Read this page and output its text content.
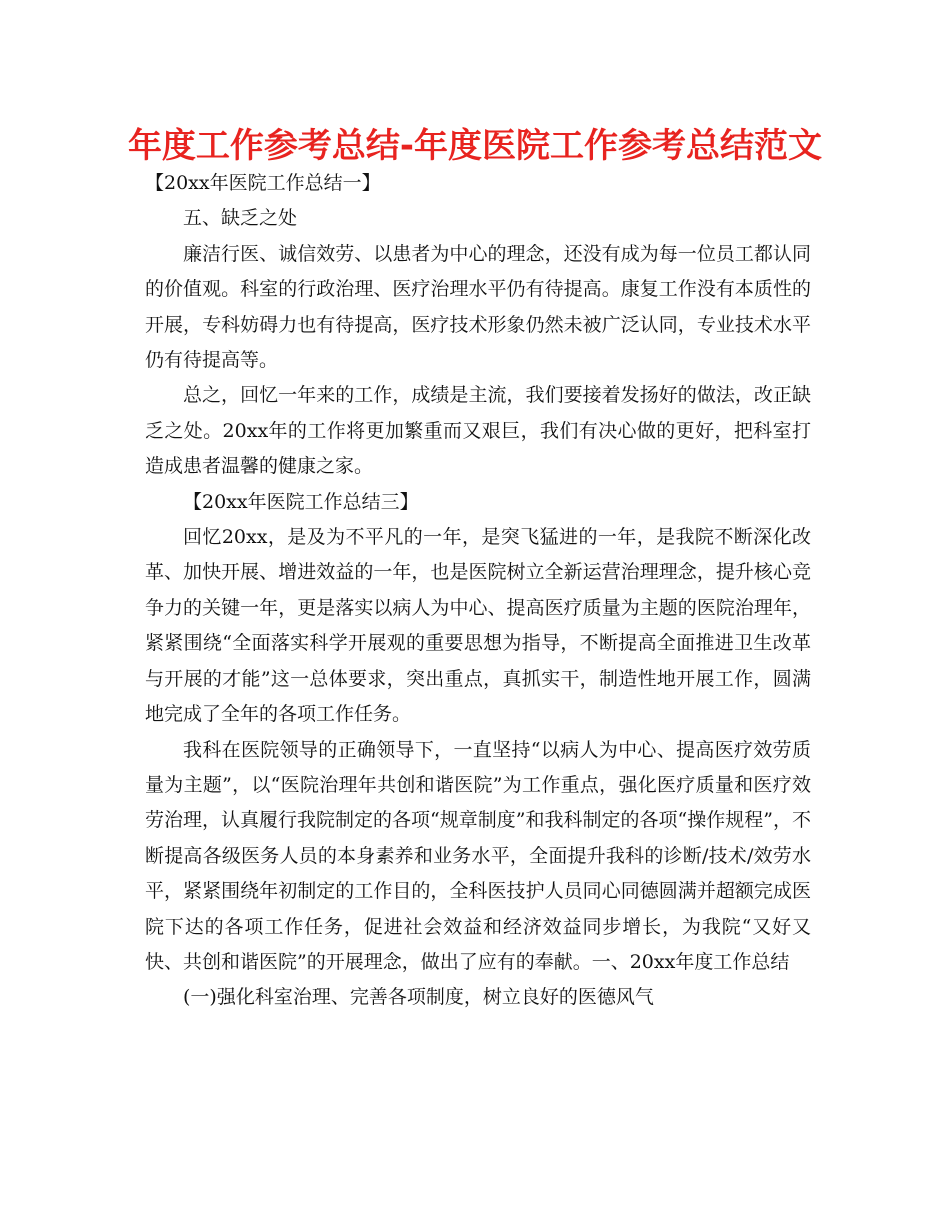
年度工作参考总结-年度医院工作参考总结范文

【20xx年医院工作总结一】

五、缺乏之处

廉洁行医、诚信效劳、以患者为中心的理念，还没有成为每一位员工都认同的价值观。科室的行政治理、医疗治理水平仍有待提高。康复工作没有本质性的开展，专科妨碍力也有待提高，医疗技术形象仍然未被广泛认同，专业技术水平仍有待提高等。

总之，回忆一年来的工作，成绩是主流，我们要接着发扬好的做法，改正缺乏之处。20xx年的工作将更加繁重而又艰巨，我们有决心做的更好，把科室打造成患者温馨的健康之家。

【20xx年医院工作总结三】

回忆20xx，是及为不平凡的一年，是突飞猛进的一年，是我院不断深化改革、加快开展、增进效益的一年，也是医院树立全新运营治理理念，提升核心竞争力的关键一年，更是落实以病人为中心、提高医疗质量为主题的医院治理年，紧紧围绕“全面落实科学开展观的重要思想为指导，不断提高全面推进卫生改革与开展的才能”这一总体要求，突出重点，真抓实干，制造性地开展工作，圆满地完成了全年的各项工作任务。

我科在医院领导的正确领导下，一直坚持“以病人为中心、提高医疗效劳质量为主题”，以“医院治理年共创和谐医院”为工作重点，强化医疗质量和医疗效劳治理，认真履行我院制定的各项“规章制度”和我科制定的各项“操作规程”，不断提高各级医务人员的本身素养和业务水平，全面提升我科的诊断/技术/效劳水平，紧紧围绕年初制定的工作目的，全科医技护人员同心同德圆满并超额完成医院下达的各项工作任务，促进社会效益和经济效益同步增长，为我院“又好又快、共创和谐医院”的开展理念，做出了应有的奉献。一、20xx年度工作总结

(一)强化科室治理、完善各项制度，树立良好的医德风气
